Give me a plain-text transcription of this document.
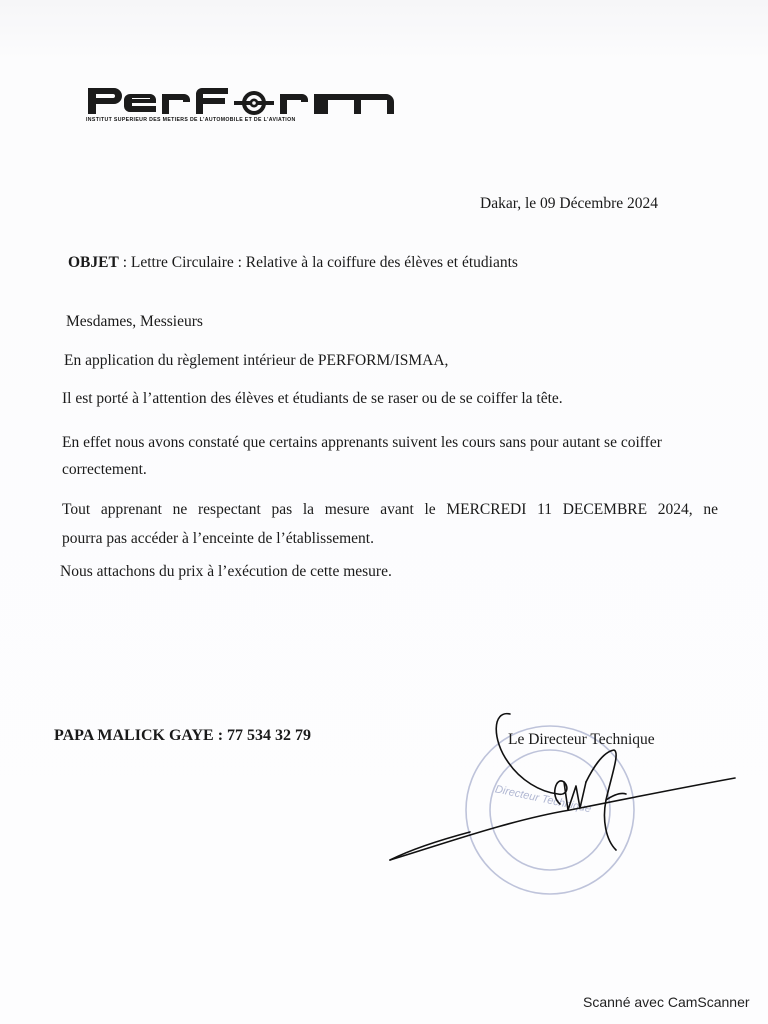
INSTITUT SUPERIEUR DES METIERS DE L'AUTOMOBILE ET DE L'AVIATION
Dakar, le 09 Décembre 2024
OBJET : Lettre Circulaire : Relative à la coiffure des élèves et étudiants
Mesdames, Messieurs
En application du règlement intérieur de PERFORM/ISMAA,
Il est porté à l’attention des élèves et étudiants de se raser ou de se coiffer la tête.
En effet nous avons constaté que certains apprenants suivent les cours sans pour autant se coiffer correctement.
Tout apprenant ne respectant pas la mesure avant le MERCREDI 11 DECEMBRE 2024, ne
pourra pas accéder à l’enceinte de l’établissement.
Nous attachons du prix à l’exécution de cette mesure.
PAPA MALICK GAYE : 77 534 32 79
Directeur Technique
Le Directeur Technique
Scanné avec CamScanner
